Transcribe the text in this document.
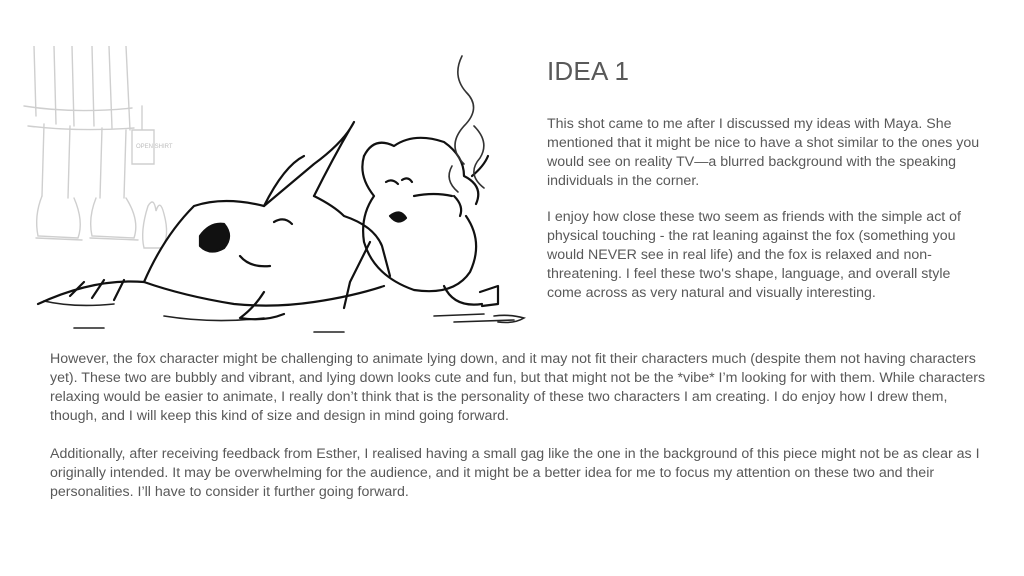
OPEN SHIRT
IDEA 1

This shot came to me after I discussed my ideas with Maya. She mentioned that it might be nice to have a shot similar to the ones you would see on reality TV—a blurred background with the speaking individuals in the corner.

I enjoy how close these two seem as friends with the simple act of physical touching - the rat leaning against the fox (something you would NEVER see in real life) and the fox is relaxed and non-threatening. I feel these two's shape, language, and overall style come across as very natural and visually interesting.

However, the fox character might be challenging to animate lying down, and it may not fit their characters much (despite them not having characters yet). These two are bubbly and vibrant, and lying down looks cute and fun, but that might not be the *vibe* I’m looking for with them. While characters relaxing would be easier to animate, I really don’t think that is the personality of these two characters I am creating. I do enjoy how I drew them, though, and I will keep this kind of size and design in mind going forward.

Additionally, after receiving feedback from Esther, I realised having a small gag like the one in the background of this piece might not be as clear as I originally intended. It may be overwhelming for the audience, and it might be a better idea for me to focus my attention on these two and their personalities. I’ll have to consider it further going forward.
